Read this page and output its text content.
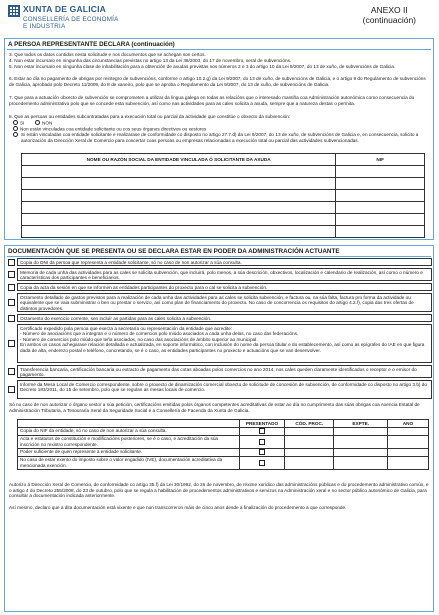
XUNTA DE GALICIA
CONSELLERÍA DE ECONOMÍA
E INDUSTRIA
ANEXO II
(continuación)
A PERSOA REPRESENTANTE DECLARA (continuación)
3. Que todos os datos contidos nesta solicitude e nos documentos que se achegan son certos.
4. Non estar incursa/o en ningunha das circunstancias previstas no artigo 13 da Lei 38/2003, do 17 de novembro, xeral de subvencións.
5. Non estar incursa/o en ningunha clase de inhabilitación para a obtención de axudas previstas nos números 2 e 3 do artigo 10 da Lei 9/2007, do 13 de xuño, de subvencións de Galicia.
6. Estar ao día no pagamento de obrigas por reintegro de subvencións, conforme o artigo 10.2.g) da Lei 9/2007, do 13 de xuño, de subvencións de Galicia, e o artigo 9 do Regulamento de subvencións de Galicia, aprobado polo Decreto 11/2009, do 8 de xaneiro, polo que se aproba o Regulamento da Lei 9/2007, do 13 de xuño, de subvencións de Galicia.
7. Que para a actuación obxecto de subvención se comprometen a utilizar da lingua galega en todas as relacións que o interesado mantiña coa Administración autonómica como consecuencia do procedemento administrativo polo que se concede esta subvención, así como nas actividades para as cales solicita a axuda, sempre que a natureza destas o permita.
8. Que as persoas ou entidades subcontratadas para a execución total ou parcial da actividade que constitúe o obxecto da subvención:
SI	NON
Non están vinculadas coa entidade solicitante ou cos seus órganos directivos ou xestores
Si están vinculadas coa entidade solicitante e realizarase de conformidade co disposto no artigo 27.7.d) da Lei 9/2007, do 13 de xuño, de subvencións de Galicia e, en consecuencia, solicito a autorización da Dirección Xeral de Comercio para concertar coas persoas ou empresas relacionadas a execución total ou parcial das actividades subvencionadas.
NOME OU RAZÓN SOCIAL DA ENTIDADE VINCULADA Ó SOLICITANTE DA AXUDA	NIF

DOCUMENTACIÓN QUE SE PRESENTA OU SE DECLARA ESTAR EN PODER DA ADMINISTRACIÓN ACTUANTE
Copia do DNI da persoa que representa a entidade solicitante, só no caso de non autorizar a súa consulta.
Memoria de cada unha das actividades para as cales se solicita subvención, que incluirá, polo menos, a súa descrición, obxectivos, localización e calendario de realización, así como o número e características dos participantes e beneficiarios.
Copia da acta da sesión en que se informen as entidades participantes do proxecto para o cal se solicita a subvención.
Orzamento detallado de gastos previstos para a realización de cada unha das actividades para as cales se solicita subvención, e factura ou, na súa falta, factura pro forma da actividade ou equivalente que se vaia subministrar o ben ou prestar o servizo, así como plan de financiamento do proxecto. No caso de concorrencia os requisitos do artigo 4.2.f), copia das tres ofertas de distintos provedores.
Orzamento do exercicio corrente, sen incluír as partidas para as cales solicita a subvención.
Certificado expedido pola persoa que exerza a secretaría ou representación da entidade que acredite:
- Número de asociacións que a integran e o número de comercios polo miúdo asociados a cada unha delas, no caso das federacións.
- Número de comercios polo miúdo que teña asociados, no caso das asociacións de ámbito superior ao municipal.
En ambos os casos achegarase relación detallada e actualizada, en soporte informático, con inclusión do nome da persoa titular e do establecemento, así como as epígrafes do IAE en que figura dada de alta, enderezo postal e teléfono, concretando, se é o caso, as entidades participantes no proxecto e actuacións que se van desenvolver.
Transferencia bancaria, certificación bancaria ou extracto de pagamento das cotas aboadas polos comercios no ano 2014, nos cales queden claramente identificados o receptor e o emisor do pagamento.
Informe da Mesa Local de Comercio correspondente, sobre o proxecto de dinamización comercial obxecto de solicitude de concesión de subvención, de conformidade co disposto no artigo 3.b) do Decreto 183/2011, do 15 de setembro, polo que se regulan as mesas locais de comercio.
Só no caso de non autorizar o órgano xestor a súa petición, certificacións emitidas polos órganos competentes acreditativas de estar ao día no cumprimento das súas obrigas coa Axencia Estatal de Administración Tributaria, a Tesouraría Xeral da Seguridade Social e a Consellería de Facenda da Xunta de Galicia.
	PRESENTADO	CÓD. PROC.	EXPTE.	ANO
Copia do NIF da entidade, só no caso de non autorizar a súa consulta.				
Acta e estatutos de constitución e modificacións posteriores, se é o caso, e acreditación da súa inscrición no rexistro correspondente.				
Poder suficiente de quen represente a entidade solicitante.				
No caso de estar exento do imposto sobre o valor engadido (IVE), documentación acreditativa da mencionada exención.				
Autorizo á Dirección Xeral de Comercio, de conformidade co artigo 35.f) da Lei 30/1992, do 26 de novembro, de réxime xurídico das administracións públicas e do procedemento administrativo común, e o artigo 4 do Decreto 255/2008, do 23 de outubro, polo que se regula a habilitación de procedementos administrativos e servizos na Administración xeral e no sector público autonómico de Galicia, para consultar a documentación indicada anteriormente.
Así mesmo, declaro que a dita documentación está vixente e que non transcorreron máis de cinco anos desde a finalización do procedemento a que corresponde.
